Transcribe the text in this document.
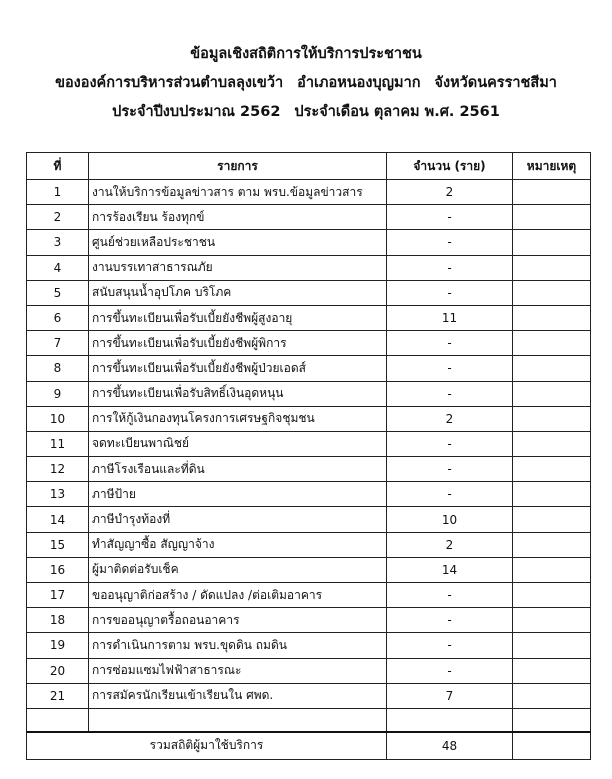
ข้อมูลเชิงสถิติการให้บริการประชาชน
ขององค์การบริหารส่วนตำบลลุงเขว้า อำเภอหนองบุญมาก จังหวัดนครราชสีมา
ประจำปีงบประมาณ 2562 ประจำเดือน ตุลาคม พ.ศ. 2561
ที่	รายการ	จำนวน (ราย)	หมายเหตุ
1	งานให้บริการข้อมูลข่าวสาร ตาม พรบ.ข้อมูลข่าวสาร	2	
2	การร้องเรียน ร้องทุกข์	-	
3	ศูนย์ช่วยเหลือประชาชน	-	
4	งานบรรเทาสาธารณภัย	-	
5	สนับสนุนน้ำอุปโภค บริโภค	-	
6	การขึ้นทะเบียนเพื่อรับเบี้ยยังชีพผู้สูงอายุ	11	
7	การขึ้นทะเบียนเพื่อรับเบี้ยยังชีพผู้พิการ	-	
8	การขึ้นทะเบียนเพื่อรับเบี้ยยังชีพผู้ป่วยเอดส์	-	
9	การขึ้นทะเบียนเพื่อรับสิทธิ์เงินอุดหนุน	-	
10	การให้กู้เงินกองทุนโครงการเศรษฐกิจชุมชน	2	
11	จดทะเบียนพาณิชย์	-	
12	ภาษีโรงเรือนและที่ดิน	-	
13	ภาษีป้าย	-	
14	ภาษีบำรุงท้องที่	10	
15	ทำสัญญาซื้อ สัญญาจ้าง	2	
16	ผู้มาติดต่อรับเช็ค	14	
17	ขออนุญาติก่อสร้าง / ดัดแปลง /ต่อเติมอาคาร	-	
18	การขออนุญาตรื้อถอนอาคาร	-	
19	การดำเนินการตาม พรบ.ขุดดิน ถมดิน	-	
20	การซ่อมแซมไฟฟ้าสาธารณะ	-	
21	การสมัครนักเรียนเข้าเรียนใน ศพด.	7	

รวมสถิติผู้มาใช้บริการ		48	
